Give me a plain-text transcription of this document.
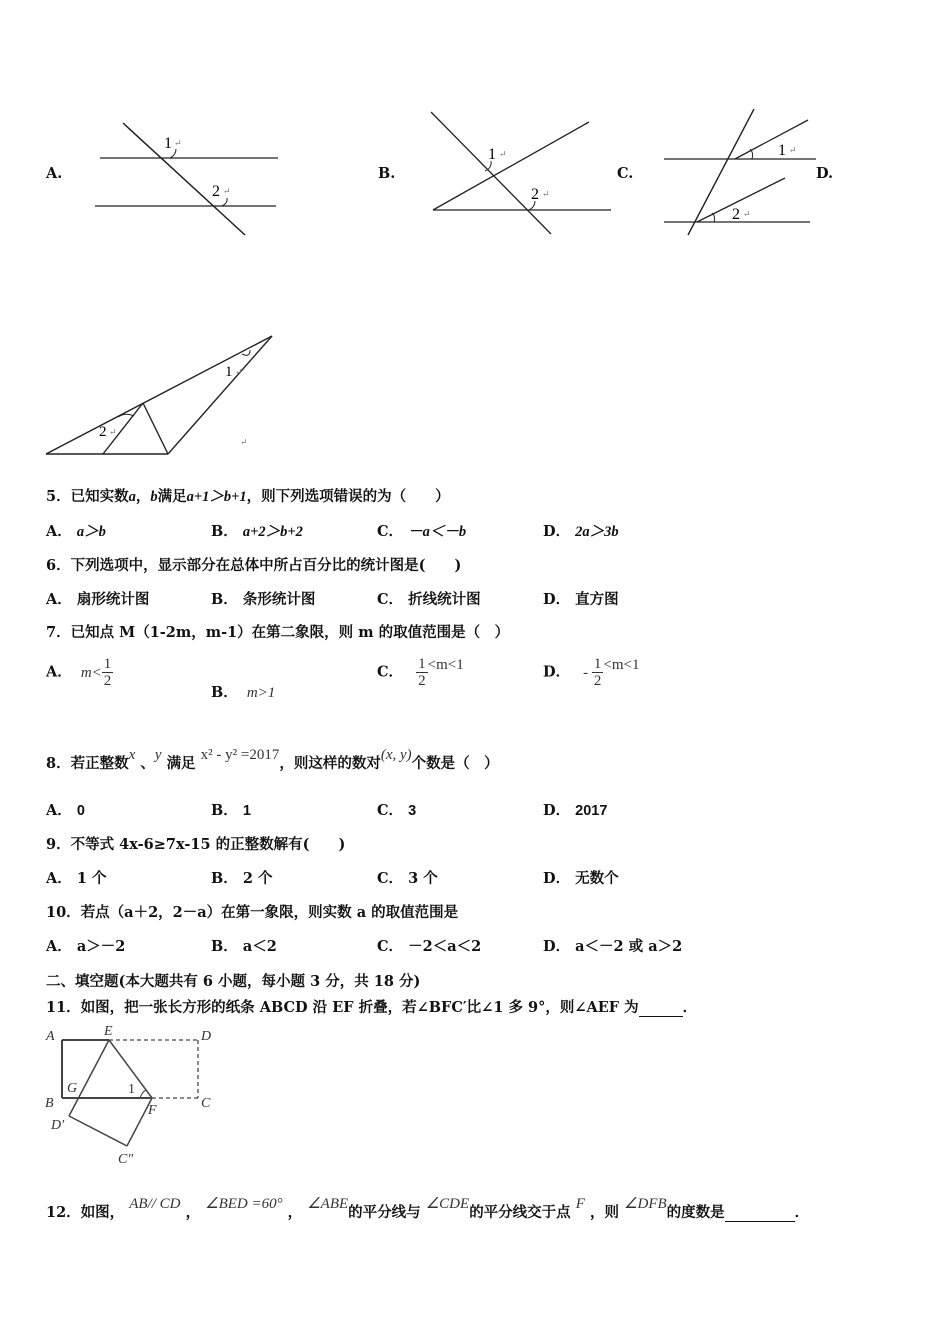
A.	B.	C.	D.
1 ↵
2 ↵
1 ↵
2 ↵
1 ↵
2 ↵
1 ↵
2 ↵
↵
5．已知实数a，b满足a+1＞b+1，则下列选项错误的为（　　）
A． a＞b	B． a+2＞b+2	C． －a＜－b	D． 2a＞3b
6．下列选项中，显示部分在总体中所占百分比的统计图是(　　)
A． 扇形统计图	B． 条形统计图	C． 折线统计图	D． 直方图
7．已知点 M（1-2m，m-1）在第二象限，则 m 的取值范围是（　）
A． $m< \frac{1}{2}$
B． m>1
C． $\frac{1}{2} <m<1$	D． - $\frac{1}{2} <m<1$
8．若正整数x 、y 满足 x² - y² =2017，则这样的数对(x, y)个数是（　）
A． 0	B． 1	C． 3	D． 2017
9．不等式 4x-6≥7x-15 的正整数解有(　　)
A． 1 个	B． 2 个	C． 3 个	D． 无数个
10．若点（a＋2，2－a）在第一象限，则实数 a 的取值范围是
A． a＞－2	B． a＜2	C． －2＜a＜2	D． a＜－2 或 a＞2
二、填空题(本大题共有 6 小题，每小题 3 分，共 18 分)
11．如图，把一张长方形的纸条 ABCD 沿 EF 折叠，若∠BFC′比∠1 多 9°，则∠AEF 为	．
A	E	D
G	1
B	F	C
D′
C″
12．如图， AB// CD ， ∠BED =60° ， ∠ABE的平分线与 ∠CDE的平分线交于点 F ，则 ∠DFB的度数是	．
